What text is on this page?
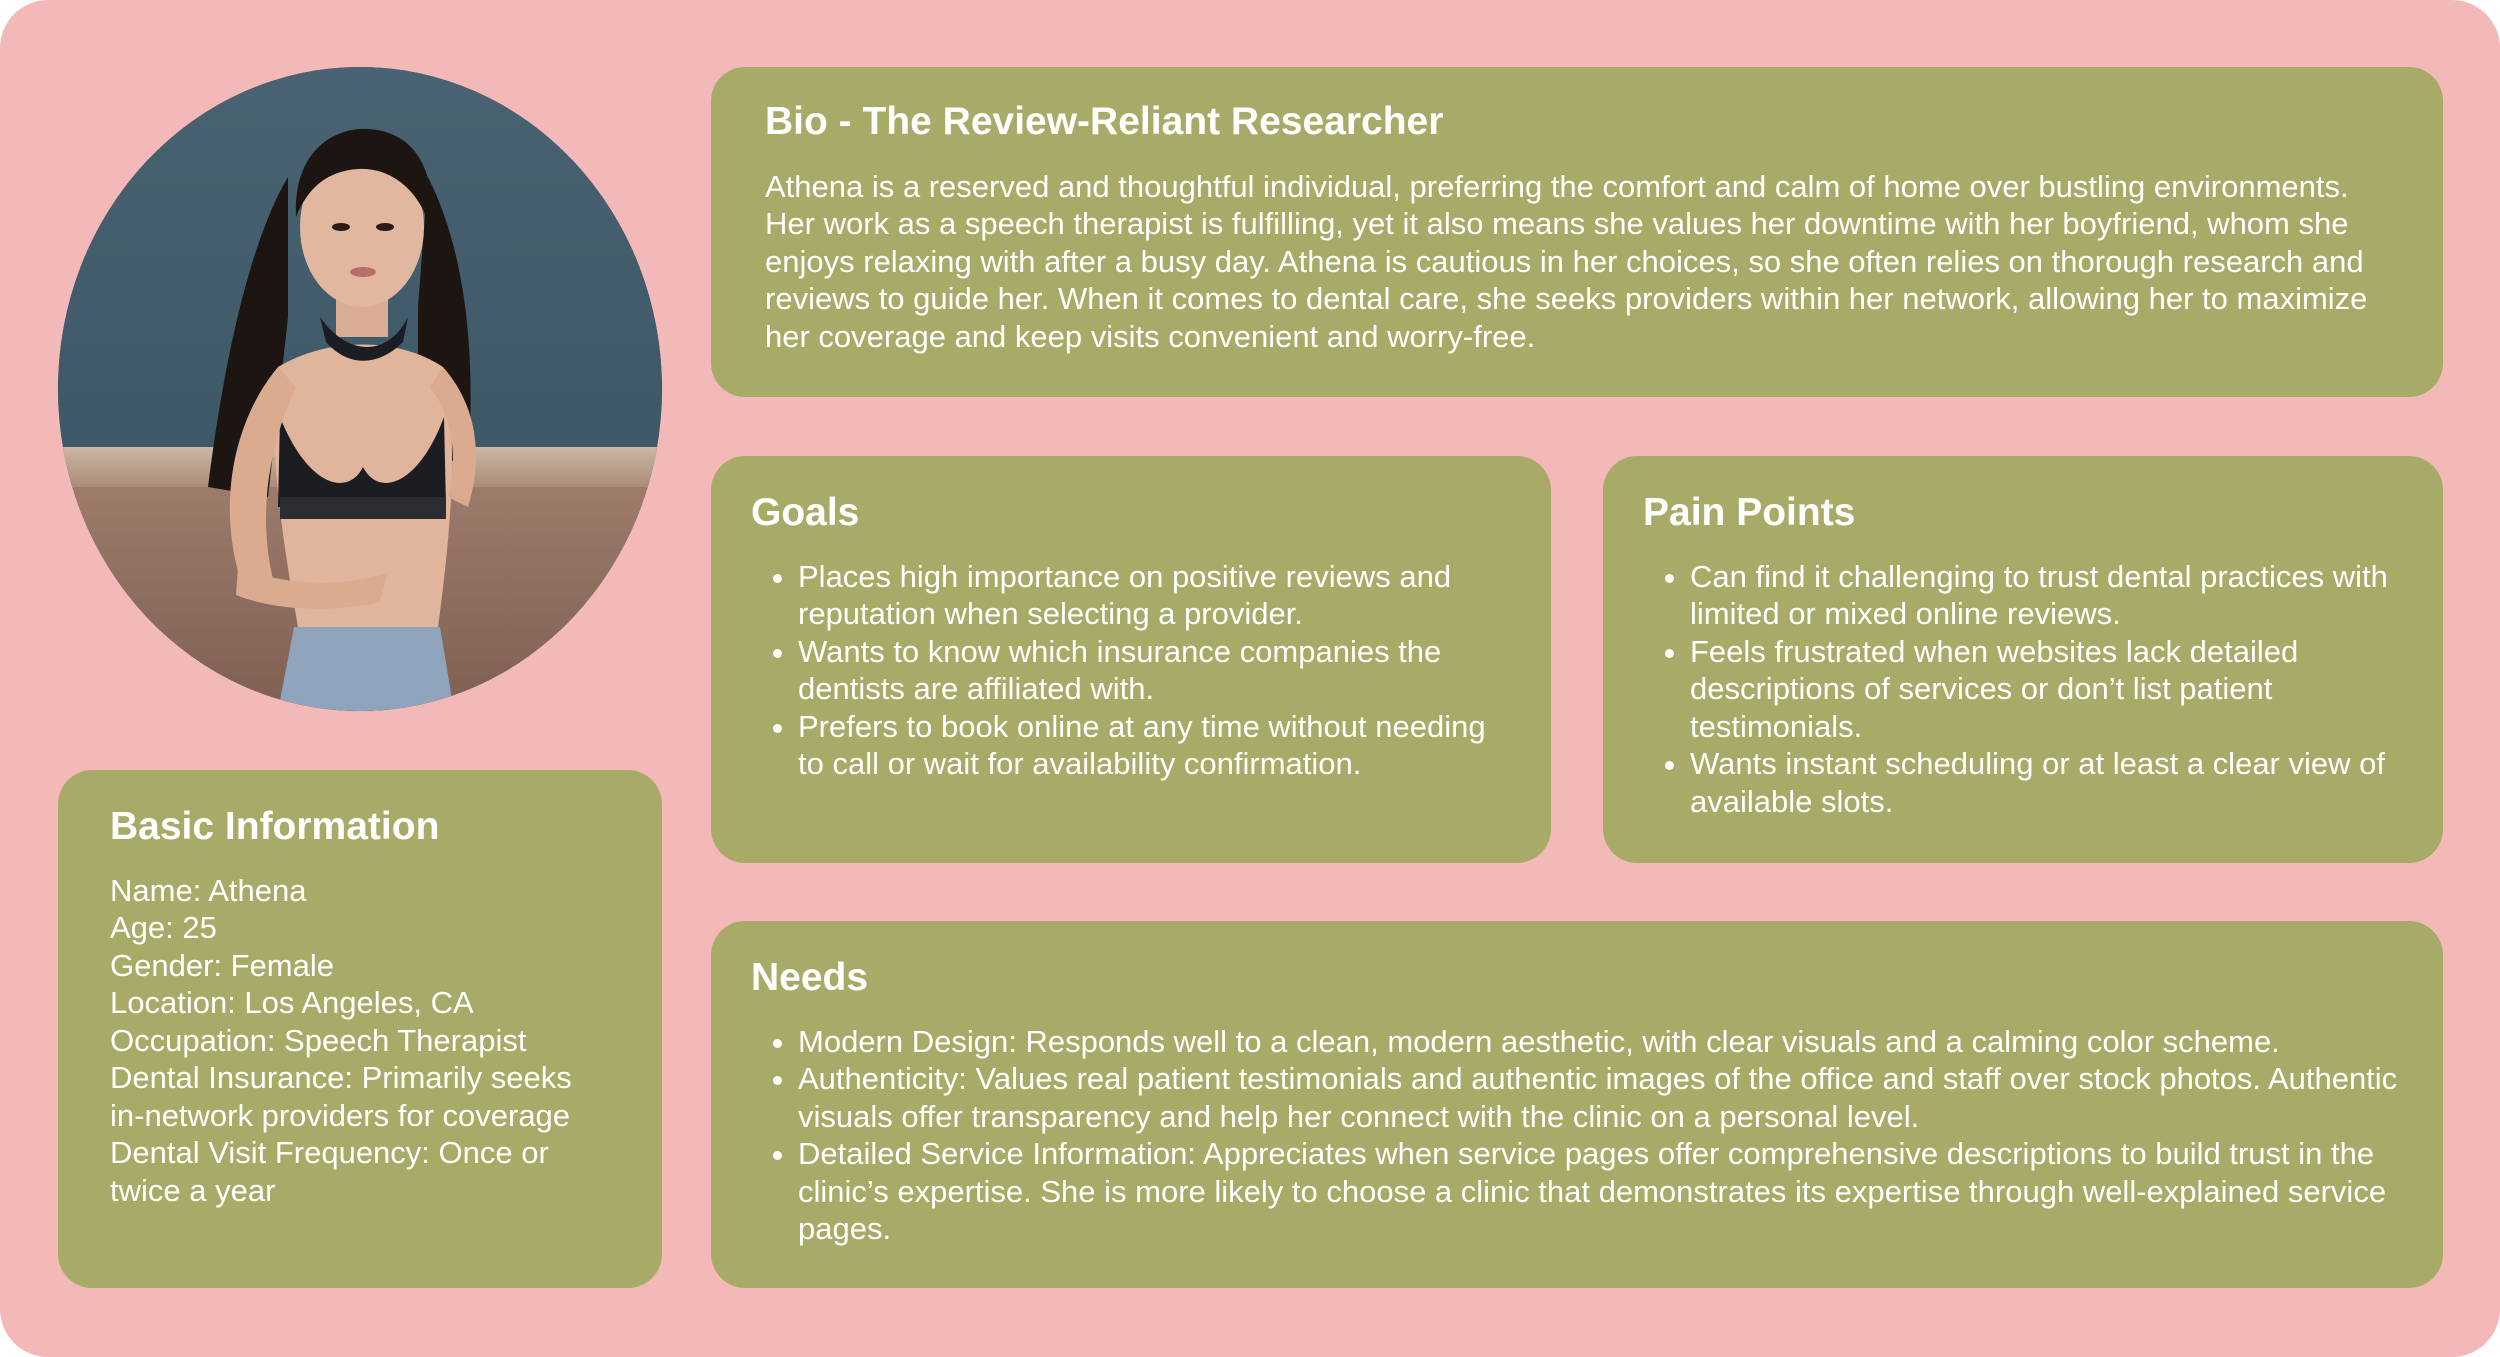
Basic Information
Name: Athena
Age: 25
Gender: Female
Location: Los Angeles, CA
Occupation: Speech Therapist
Dental Insurance: Primarily seeks in-network providers for coverage
Dental Visit Frequency: Once or twice a year
Bio - The Review-Reliant Researcher

Athena is a reserved and thoughtful individual, preferring the comfort and calm of home over bustling environments. Her work as a speech therapist is fulfilling, yet it also means she values her downtime with her boyfriend, whom she enjoys relaxing with after a busy day. Athena is cautious in her choices, so she often relies on thorough research and reviews to guide her. When it comes to dental care, she seeks providers within her network, allowing her to maximize her coverage and keep visits convenient and worry-free.

Goals
• Places high importance on positive reviews and reputation when selecting a provider.
• Wants to know which insurance companies the dentists are affiliated with.
• Prefers to book online at any time without needing to call or wait for availability confirmation.
Pain Points
• Can find it challenging to trust dental practices with limited or mixed online reviews.
• Feels frustrated when websites lack detailed descriptions of services or don’t list patient testimonials.
• Wants instant scheduling or at least a clear view of available slots.
Needs
• Modern Design: Responds well to a clean, modern aesthetic, with clear visuals and a calming color scheme.
• Authenticity: Values real patient testimonials and authentic images of the office and staff over stock photos. Authentic visuals offer transparency and help her connect with the clinic on a personal level.
• Detailed Service Information: Appreciates when service pages offer comprehensive descriptions to build trust in the clinic’s expertise. She is more likely to choose a clinic that demonstrates its expertise through well-explained service pages.
